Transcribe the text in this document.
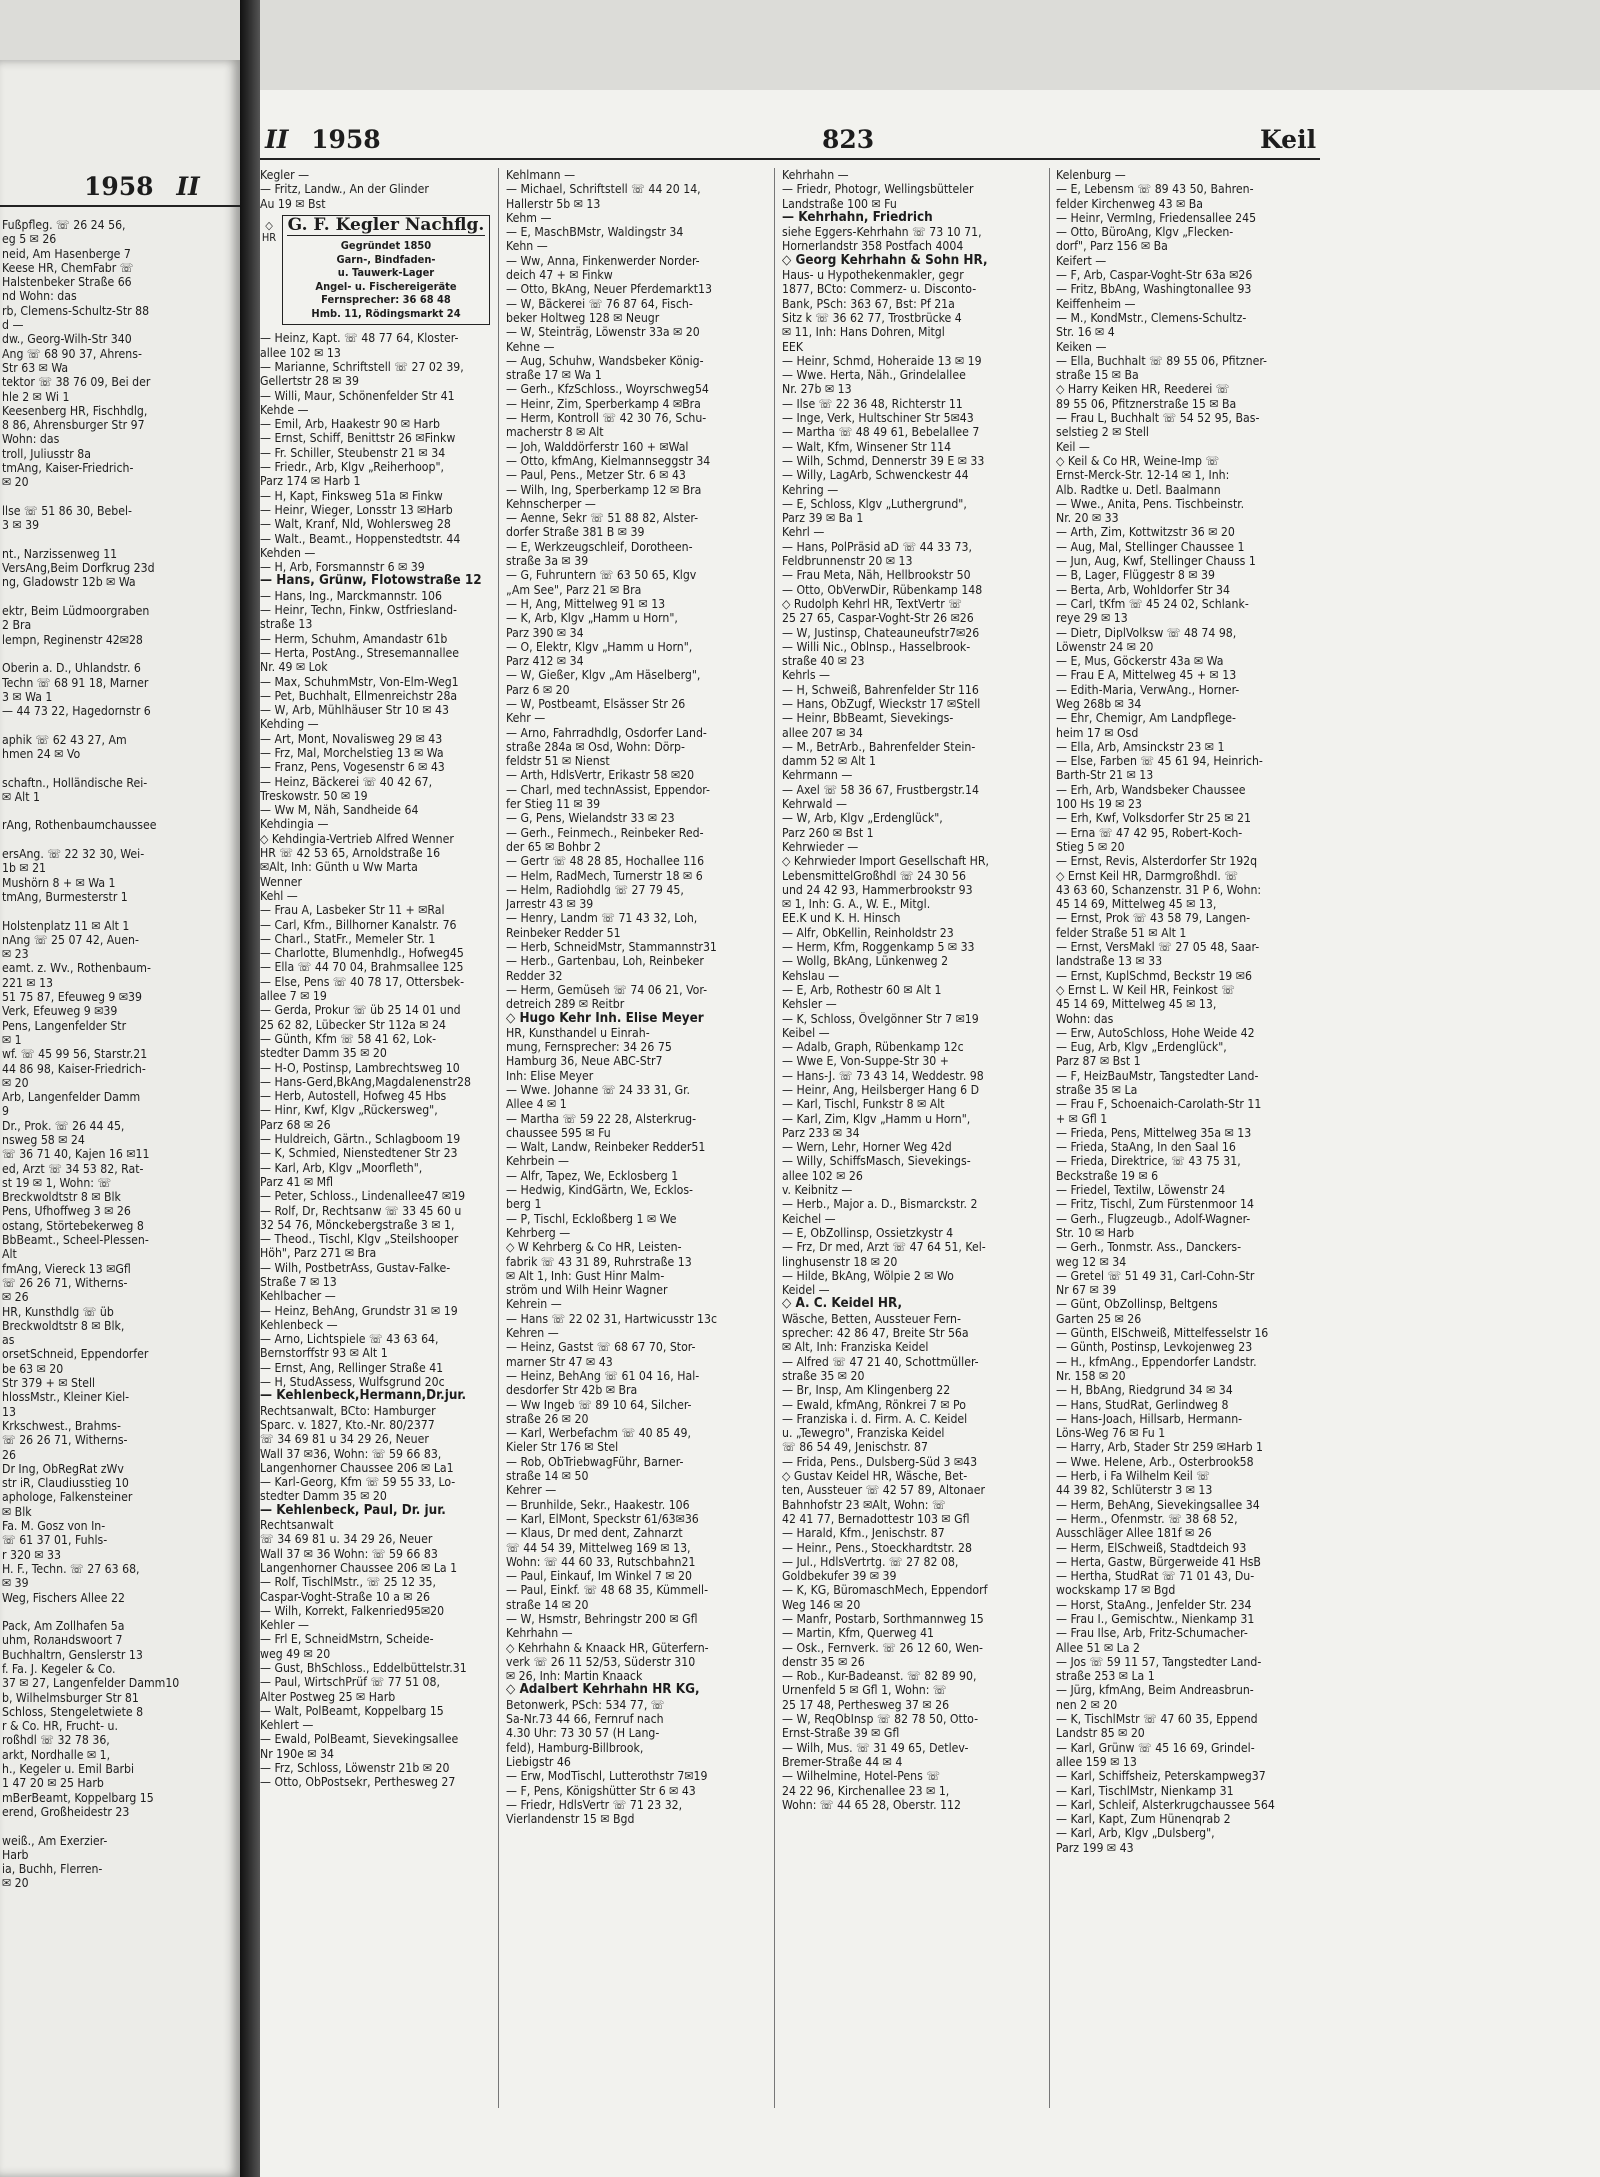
1958 II
Fußpfleg. ☏ 26 24 56,
eg 5 ✉ 26
neid, Am Hasenberge 7
Keese HR, ChemFabr ☏
Halstenbeker Straße 66
nd Wohn: das
rb, Clemens-Schultz-Str 88
d —
dw., Georg-Wilh-Str 340
Ang ☏ 68 90 37, Ahrens-
Str 63 ✉ Wa
tektor ☏ 38 76 09, Bei der
hle 2 ✉ Wi 1
Keesenberg HR, Fischhdlg,
8 86, Ahrensburger Str 97
Wohn: das
troll, Juliusstr 8a
tmAng, Kaiser-Friedrich-
✉ 20

llse ☏ 51 86 30, Bebel-
3 ✉ 39

nt., Narzissenweg 11
VersAng,Beim Dorfkrug 23d
ng, Gladowstr 12b ✉ Wa

ektr, Beim Lüdmoorgraben
2 Bra
lempn, Reginenstr 42✉28

Oberin a. D., Uhlandstr. 6
Techn ☏ 68 91 18, Marner
3 ✉ Wa 1
— 44 73 22, Hagedornstr 6

aphik ☏ 62 43 27, Am
hmen 24 ✉ Vo

schaftn., Holländische Rei-
✉ Alt 1

rAng, Rothenbaumchaussee

ersAng. ☏ 22 32 30, Wei-
1b ✉ 21
Mushörn 8 + ✉ Wa 1
tmAng, Burmesterstr 1

Holstenplatz 11 ✉ Alt 1
nAng ☏ 25 07 42, Auen-
✉ 23
eamt. z. Wv., Rothenbaum-
221 ✉ 13
51 75 87, Efeuweg 9 ✉39
Verk, Efeuweg 9 ✉39
Pens, Langenfelder Str
✉ 1
wf. ☏ 45 99 56, Starstr.21
44 86 98, Kaiser-Friedrich-
✉ 20
Arb, Langenfelder Damm
9
Dr., Prok. ☏ 26 44 45,
nsweg 58 ✉ 24
☏ 36 71 40, Kajen 16 ✉11
ed, Arzt ☏ 34 53 82, Rat-
st 19 ✉ 1, Wohn: ☏
Breckwoldtstr 8 ✉ Blk
Pens, Ufhoffweg 3 ✉ 26
ostang, Störtebekerweg 8
BbBeamt., Scheel-Plessen-
Alt
fmAng, Viereck 13 ✉Gfl
☏ 26 26 71, Witherns-
✉ 26
HR, Kunsthdlg ☏ üb
Breckwoldtstr 8 ✉ Blk,
as
orsetSchneid, Eppendorfer
be 63 ✉ 20
Str 379 + ✉ Stell
hlossMstr., Kleiner Kiel-
13
Krkschwest., Brahms-
☏ 26 26 71, Witherns-
26
Dr Ing, ObRegRat zWv
str iR, Claudiusstieg 10
aphologe, Falkensteiner
✉ Blk
Fa. M. Gosz von In-
☏ 61 37 01, Fuhls-
r 320 ✉ 33
H. F., Techn. ☏ 27 63 68,
✉ 39
Weg, Fischers Allee 22

Pack, Am Zollhafen 5a
uhm, Roланdswoort 7
Buchhaltrn, Genslerstr 13
f. Fa. J. Kegeler & Co.
37 ✉ 27, Langenfelder Damm10
b, Wilhelmsburger Str 81
Schloss, Stengeletwiete 8
r & Co. HR, Frucht- u.
roßhdl ☏ 32 78 36,
arkt, Nordhalle ✉ 1,
h., Kegeler u. Emil Barbi
1 47 20 ✉ 25 Harb
mBerBeamt, Koppelbarg 15
erend, Großheidestr 23

weiß., Am Exerzier-
Harb
ia, Buchh, Flerren-
✉ 20
II 1958	823	Keil
Kegler —
— Fritz, Landw., An der Glinder
Au 19 ✉ Bst
◇ HR
G. F. Kegler Nachflg.
Gegründet 1850
Garn-, Bindfaden-
u. Tauwerk-Lager
Angel- u. Fischereigeräte
Fernsprecher: 36 68 48
Hmb. 11, Rödingsmarkt 24
— Heinz, Kapt. ☏ 48 77 64, Kloster-
allee 102 ✉ 13
— Marianne, Schriftstell ☏ 27 02 39,
Gellertstr 28 ✉ 39
— Willi, Maur, Schönenfelder Str 41
Kehde —
— Emil, Arb, Haakestr 90 ✉ Harb
— Ernst, Schiff, Benittstr 26 ✉Finkw
— Fr. Schiller, Steubenstr 21 ✉ 34
— Friedr., Arb, Klgv „Reiherhoop",
Parz 174 ✉ Harb 1
— H, Kapt, Finksweg 51a ✉ Finkw
— Heinr, Wieger, Lonsstr 13 ✉Harb
— Walt, Kranf, Nld, Wohlersweg 28
— Walt., Beamt., Hoppenstedtstr. 44
Kehden —
— H, Arb, Forsmannstr 6 ✉ 39
— Hans, Grünw, Flotowstraße 12
— Hans, Ing., Marckmannstr. 106
— Heinr, Techn, Finkw, Ostfriesland-
straße 13
— Herm, Schuhm, Amandastr 61b
— Herta, PostAng., Stresemannallee
Nr. 49 ✉ Lok
— Max, SchuhmMstr, Von-Elm-Weg1
— Pet, Buchhalt, Ellmenreichstr 28a
— W, Arb, Mühlhäuser Str 10 ✉ 43
Kehding —
— Art, Mont, Novalisweg 29 ✉ 43
— Frz, Mal, Morchelstieg 13 ✉ Wa
— Franz, Pens, Vogesenstr 6 ✉ 43
— Heinz, Bäckerei ☏ 40 42 67,
Treskowstr. 50 ✉ 19
— Ww M, Näh, Sandheide 64
Kehdingia —
◇ Kehdingia-Vertrieb Alfred Wenner
HR ☏ 42 53 65, Arnoldstraße 16
✉Alt, Inh: Günth u Ww Marta
Wenner
Kehl —
— Frau A, Lasbeker Str 11 + ✉Ral
— Carl, Kfm., Billhorner Kanalstr. 76
— Charl., StatFr., Memeler Str. 1
— Charlotte, Blumenhdlg., Hofweg45
— Ella ☏ 44 70 04, Brahmsallee 125
— Else, Pens ☏ 40 78 17, Ottersbek-
allee 7 ✉ 19
— Gerda, Prokur ☏ üb 25 14 01 und
25 62 82, Lübecker Str 112a ✉ 24
— Günth, Kfm ☏ 58 41 62, Lok-
stedter Damm 35 ✉ 20
— H-O, Postinsp, Lambrechtsweg 10
— Hans-Gerd,BkAng,Magdalenenstr28
— Herb, Autostell, Hofweg 45 Hbs
— Hinr, Kwf, Klgv „Rückersweg",
Parz 68 ✉ 26
— Huldreich, Gärtn., Schlagboom 19
— K, Schmied, Nienstedtener Str 23
— Karl, Arb, Klgv „Moorfleth",
Parz 41 ✉ Mfl
— Peter, Schloss., Lindenallee47 ✉19
— Rolf, Dr, Rechtsanw ☏ 33 45 60 u
32 54 76, Mönckebergstraße 3 ✉ 1,
— Theod., Tischl, Klgv „Steilshooper
Höh", Parz 271 ✉ Bra
— Wilh, PostbetrAss, Gustav-Falke-
Straße 7 ✉ 13
Kehlbacher —
— Heinz, BehAng, Grundstr 31 ✉ 19
Kehlenbeck —
— Arno, Lichtspiele ☏ 43 63 64,
Bernstorffstr 93 ✉ Alt 1
— Ernst, Ang, Rellinger Straße 41
— H, StudAssess, Wulfsgrund 20c
— Kehlenbeck,Hermann,Dr.jur.
Rechtsanwalt, BCto: Hamburger
Sparc. v. 1827, Kto.-Nr. 80/2377
☏ 34 69 81 u 34 29 26, Neuer
Wall 37 ✉36, Wohn: ☏ 59 66 83,
Langenhorner Chaussee 206 ✉ La1
— Karl-Georg, Kfm ☏ 59 55 33, Lo-
stedter Damm 35 ✉ 20
— Kehlenbeck, Paul, Dr. jur.
Rechtsanwalt
☏ 34 69 81 u. 34 29 26, Neuer
Wall 37 ✉ 36 Wohn: ☏ 59 66 83
Langenhorner Chaussee 206 ✉ La 1
— Rolf, TischlMstr., ☏ 25 12 35,
Caspar-Voght-Straße 10 a ✉ 26
— Wilh, Korrekt, Falkenried95✉20
Kehler —
— Frl E, SchneidMstrn, Scheide-
weg 49 ✉ 20
— Gust, BhSchloss., Eddelbüttelstr.31
— Paul, WirtschPrüf ☏ 77 51 08,
Alter Postweg 25 ✉ Harb
— Walt, PolBeamt, Koppelbarg 15
Kehlert —
— Ewald, PolBeamt, Sievekingsallee
Nr 190e ✉ 34
— Frz, Schloss, Löwenstr 21b ✉ 20
— Otto, ObPostsekr, Perthesweg 27
Kehlmann —
— Michael, Schriftstell ☏ 44 20 14,
Hallerstr 5b ✉ 13
Kehm —
— E, MaschBMstr, Waldingstr 34
Kehn —
— Ww, Anna, Finkenwerder Norder-
deich 47 + ✉ Finkw
— Otto, BkAng, Neuer Pferdemarkt13
— W, Bäckerei ☏ 76 87 64, Fisch-
beker Holtweg 128 ✉ Neugr
— W, Steinträg, Löwenstr 33a ✉ 20
Kehne —
— Aug, Schuhw, Wandsbeker König-
straße 17 ✉ Wa 1
— Gerh., KfzSchloss., Woyrschweg54
— Heinr, Zim, Sperberkamp 4 ✉Bra
— Herm, Kontroll ☏ 42 30 76, Schu-
macherstr 8 ✉ Alt
— Joh, Walddörferstr 160 + ✉Wal
— Otto, kfmAng, Kielmannseggstr 34
— Paul, Pens., Metzer Str. 6 ✉ 43
— Wilh, Ing, Sperberkamp 12 ✉ Bra
Kehnscherper —
— Aenne, Sekr ☏ 51 88 82, Alster-
dorfer Straße 381 B ✉ 39
— E, Werkzeugschleif, Dorotheen-
straße 3a ✉ 39
— G, Fuhruntern ☏ 63 50 65, Klgv
„Am See", Parz 21 ✉ Bra
— H, Ang, Mittelweg 91 ✉ 13
— K, Arb, Klgv „Hamm u Horn",
Parz 390 ✉ 34
— O, Elektr, Klgv „Hamm u Horn",
Parz 412 ✉ 34
— W, Gießer, Klgv „Am Häselberg",
Parz 6 ✉ 20
— W, Postbeamt, Elsässer Str 26
Kehr —
— Arno, Fahrradhdlg, Osdorfer Land-
straße 284a ✉ Osd, Wohn: Dörp-
feldstr 51 ✉ Nienst
— Arth, HdlsVertr, Erikastr 58 ✉20
— Charl, med technAssist, Eppendor-
fer Stieg 11 ✉ 39
— G, Pens, Wielandstr 33 ✉ 23
— Gerh., Feinmech., Reinbeker Red-
der 65 ✉ Bohbr 2
— Gertr ☏ 48 28 85, Hochallee 116
— Helm, RadMech, Turnerstr 18 ✉ 6
— Helm, Radiohdlg ☏ 27 79 45,
Jarrestr 43 ✉ 39
— Henry, Landm ☏ 71 43 32, Loh,
Reinbeker Redder 51
— Herb, SchneidMstr, Stammannstr31
— Herb., Gartenbau, Loh, Reinbeker
Redder 32
— Herm, Gemüseh ☏ 74 06 21, Vor-
detreich 289 ✉ Reitbr
◇ Hugo Kehr Inh. Elise Meyer
HR, Kunsthandel u Einrah-
mung, Fernsprecher: 34 26 75
Hamburg 36, Neue ABC-Str7
Inh: Elise Meyer
— Wwe. Johanne ☏ 24 33 31, Gr.
Allee 4 ✉ 1
— Martha ☏ 59 22 28, Alsterkrug-
chaussee 595 ✉ Fu
— Walt, Landw, Reinbeker Redder51
Kehrbein —
— Alfr, Tapez, We, Ecklosberg 1
— Hedwig, KindGärtn, We, Ecklos-
berg 1
— P, Tischl, Eckloßberg 1 ✉ We
Kehrberg —
◇ W Kehrberg & Co HR, Leisten-
fabrik ☏ 43 31 89, Ruhrstraße 13
✉ Alt 1, Inh: Gust Hinr Malm-
ström und Wilh Heinr Wagner
Kehrein —
— Hans ☏ 22 02 31, Hartwicusstr 13c
Kehren —
— Heinz, Gastst ☏ 68 67 70, Stor-
marner Str 47 ✉ 43
— Heinz, BehAng ☏ 61 04 16, Hal-
desdorfer Str 42b ✉ Bra
— Ww Ingeb ☏ 89 10 64, Silcher-
straße 26 ✉ 20
— Karl, Werbefachm ☏ 40 85 49,
Kieler Str 176 ✉ Stel
— Rob, ObTriebwagFühr, Barner-
straße 14 ✉ 50
Kehrer —
— Brunhilde, Sekr., Haakestr. 106
— Karl, ElMont, Speckstr 61/63✉36
— Klaus, Dr med dent, Zahnarzt
☏ 44 54 39, Mittelweg 169 ✉ 13,
Wohn: ☏ 44 60 33, Rutschbahn21
— Paul, Einkauf, Im Winkel 7 ✉ 20
— Paul, Einkf. ☏ 48 68 35, Kümmell-
straße 14 ✉ 20
— W, Hsmstr, Behringstr 200 ✉ Gfl
Kehrhahn —
◇ Kehrhahn & Knaack HR, Güterfern-
verk ☏ 26 11 52/53, Süderstr 310
✉ 26, Inh: Martin Knaack
◇ Adalbert Kehrhahn HR KG,
Betonwerk, PSch: 534 77, ☏
Sa-Nr.73 44 66, Fernruf nach
4.30 Uhr: 73 30 57 (H Lang-
feld), Hamburg-Billbrook,
Liebigstr 46
— Erw, ModTischl, Lutterothstr 7✉19
— F, Pens, Königshütter Str 6 ✉ 43
— Friedr, HdlsVertr ☏ 71 23 32,
Vierlandenstr 15 ✉ Bgd
Kehrhahn —
— Friedr, Photogr, Wellingsbütteler
Landstraße 100 ✉ Fu
— Kehrhahn, Friedrich
siehe Eggers-Kehrhahn ☏ 73 10 71,
Hornerlandstr 358 Postfach 4004
◇ Georg Kehrhahn & Sohn HR,
Haus- u Hypothekenmakler, gegr
1877, BCto: Commerz- u. Disconto-
Bank, PSch: 363 67, Bst: Pf 21a
Sitz k ☏ 36 62 77, Trostbrücke 4
✉ 11, Inh: Hans Dohren, Mitgl
EEK
— Heinr, Schmd, Hoheraide 13 ✉ 19
— Wwe. Herta, Näh., Grindelallee
Nr. 27b ✉ 13
— Ilse ☏ 22 36 48, Richterstr 11
— Inge, Verk, Hultschiner Str 5✉43
— Martha ☏ 48 49 61, Bebelallee 7
— Walt, Kfm, Winsener Str 114
— Wilh, Schmd, Dennerstr 39 E ✉ 33
— Willy, LagArb, Schwenckestr 44
Kehring —
— E, Schloss, Klgv „Luthergrund",
Parz 39 ✉ Ba 1
Kehrl —
— Hans, PolPräsid aD ☏ 44 33 73,
Feldbrunnenstr 20 ✉ 13
— Frau Meta, Näh, Hellbrookstr 50
— Otto, ObVerwDir, Rübenkamp 148
◇ Rudolph Kehrl HR, TextVertr ☏
25 27 65, Caspar-Voght-Str 26 ✉26
— W, Justinsp, Chateauneufstr7✉26
— Willi Nic., Oblnsp., Hasselbrook-
straße 40 ✉ 23
Kehrls —
— H, Schweiß, Bahrenfelder Str 116
— Hans, ObZugf, Wieckstr 17 ✉Stell
— Heinr, BbBeamt, Sievekings-
allee 207 ✉ 34
— M., BetrArb., Bahrenfelder Stein-
damm 52 ✉ Alt 1
Kehrmann —
— Axel ☏ 58 36 67, Frustbergstr.14
Kehrwald —
— W, Arb, Klgv „Erdenglück",
Parz 260 ✉ Bst 1
Kehrwieder —
◇ Kehrwieder Import Gesellschaft HR,
LebensmittelGroßhdl ☏ 24 30 56
und 24 42 93, Hammerbrookstr 93
✉ 1, Inh: G. A., W. E., Mitgl.
EE.K und K. H. Hinsch
— Alfr, ObKellin, Reinholdstr 23
— Herm, Kfm, Roggenkamp 5 ✉ 33
— Wollg, BkAng, Lünkenweg 2
Kehslau —
— E, Arb, Rothestr 60 ✉ Alt 1
Kehsler —
— K, Schloss, Övelgönner Str 7 ✉19
Keibel —
— Adalb, Graph, Rübenkamp 12c
— Wwe E, Von-Suppe-Str 30 +
— Hans-J. ☏ 73 43 14, Weddestr. 98
— Heinr, Ang, Heilsberger Hang 6 D
— Karl, Tischl, Funkstr 8 ✉ Alt
— Karl, Zim, Klgv „Hamm u Horn",
Parz 233 ✉ 34
— Wern, Lehr, Horner Weg 42d
— Willy, SchiffsMasch, Sievekings-
allee 102 ✉ 26
v. Keibnitz —
— Herb., Major a. D., Bismarckstr. 2
Keichel —
— E, ObZollinsp, Ossietzkystr 4
— Frz, Dr med, Arzt ☏ 47 64 51, Kel-
linghusenstr 18 ✉ 20
— Hilde, BkAng, Wölpie 2 ✉ Wo
Keidel —
◇ A. C. Keidel HR,
Wäsche, Betten, Aussteuer Fern-
sprecher: 42 86 47, Breite Str 56a
✉ Alt, Inh: Franziska Keidel
— Alfred ☏ 47 21 40, Schottmüller-
straße 35 ✉ 20
— Br, Insp, Am Klingenberg 22
— Ewald, kfmAng, Rönkrei 7 ✉ Po
— Franziska i. d. Firm. A. C. Keidel
u. „Tewegro", Franziska Keidel
☏ 86 54 49, Jenischstr. 87
— Frida, Pens., Dulsberg-Süd 3 ✉43
◇ Gustav Keidel HR, Wäsche, Bet-
ten, Aussteuer ☏ 42 57 89, Altonaer
Bahnhofstr 23 ✉Alt, Wohn: ☏
42 41 77, Bernadottestr 103 ✉ Gfl
— Harald, Kfm., Jenischstr. 87
— Heinr., Pens., Stoeckhardtstr. 28
— Jul., HdlsVertrtg. ☏ 27 82 08,
Goldbekufer 39 ✉ 39
— K, KG, BüromaschMech, Eppendorf
Weg 146 ✉ 20
— Manfr, Postarb, Sorthmannweg 15
— Martin, Kfm, Querweg 41
— Osk., Fernverk. ☏ 26 12 60, Wen-
denstr 35 ✉ 26
— Rob., Kur-Badeanst. ☏ 82 89 90,
Urnenfeld 5 ✉ Gfl 1, Wohn: ☏
25 17 48, Perthesweg 37 ✉ 26
— W, ReqObInsp ☏ 82 78 50, Otto-
Ernst-Straße 39 ✉ Gfl
— Wilh, Mus. ☏ 31 49 65, Detlev-
Bremer-Straße 44 ✉ 4
— Wilhelmine, Hotel-Pens ☏
24 22 96, Kirchenallee 23 ✉ 1,
Wohn: ☏ 44 65 28, Oberstr. 112
Kelenburg —
— E, Lebensm ☏ 89 43 50, Bahren-
felder Kirchenweg 43 ✉ Ba
— Heinr, VermIng, Friedensallee 245
— Otto, BüroAng, Klgv „Flecken-
dorf", Parz 156 ✉ Ba
Keifert —
— F, Arb, Caspar-Voght-Str 63a ✉26
— Fritz, BbAng, Washingtonallee 93
Keiffenheim —
— M., KondMstr., Clemens-Schultz-
Str. 16 ✉ 4
Keiken —
— Ella, Buchhalt ☏ 89 55 06, Pfitzner-
straße 15 ✉ Ba
◇ Harry Keiken HR, Reederei ☏
89 55 06, Pfitznerstraße 15 ✉ Ba
— Frau L, Buchhalt ☏ 54 52 95, Bas-
selstieg 2 ✉ Stell
Keil —
◇ Keil & Co HR, Weine-Imp ☏
Ernst-Merck-Str. 12-14 ✉ 1, Inh:
Alb. Radtke u. Detl. Baalmann
— Wwe., Anita, Pens. Tischbeinstr.
Nr. 20 ✉ 33
— Arth, Zim, Kottwitzstr 36 ✉ 20
— Aug, Mal, Stellinger Chaussee 1
— Jun, Aug, Kwf, Stellinger Chauss 1
— B, Lager, Flüggestr 8 ✉ 39
— Berta, Arb, Wohldorfer Str 34
— Carl, tKfm ☏ 45 24 02, Schlank-
reye 29 ✉ 13
— Dietr, DiplVolksw ☏ 48 74 98,
Löwenstr 24 ✉ 20
— E, Mus, Göckerstr 43a ✉ Wa
— Frau E A, Mittelweg 45 + ✉ 13
— Edith-Maria, VerwAng., Horner-
Weg 268b ✉ 34
— Ehr, Chemigr, Am Landpflege-
heim 17 ✉ Osd
— Ella, Arb, Amsinckstr 23 ✉ 1
— Else, Farben ☏ 45 61 94, Heinrich-
Barth-Str 21 ✉ 13
— Erh, Arb, Wandsbeker Chaussee
100 Hs 19 ✉ 23
— Erh, Kwf, Volksdorfer Str 25 ✉ 21
— Erna ☏ 47 42 95, Robert-Koch-
Stieg 5 ✉ 20
— Ernst, Revis, Alsterdorfer Str 192q
◇ Ernst Keil HR, DarmgroßhdI. ☏
43 63 60, Schanzenstr. 31 P 6, Wohn:
45 14 69, Mittelweg 45 ✉ 13,
— Ernst, Prok ☏ 43 58 79, Langen-
felder Straße 51 ✉ Alt 1
— Ernst, VersMakl ☏ 27 05 48, Saar-
landstraße 13 ✉ 33
— Ernst, KuplSchmd, Beckstr 19 ✉6
◇ Ernst L. W Keil HR, Feinkost ☏
45 14 69, Mittelweg 45 ✉ 13,
Wohn: das
— Erw, AutoSchloss, Hohe Weide 42
— Eug, Arb, Klgv „Erdenglück",
Parz 87 ✉ Bst 1
— F, HeizBauMstr, Tangstedter Land-
straße 35 ✉ La
— Frau F, Schoenaich-Carolath-Str 11
+ ✉ Gfl 1
— Frieda, Pens, Mittelweg 35a ✉ 13
— Frieda, StaAng, In den Saal 16
— Frieda, Direktrice, ☏ 43 75 31,
Beckstraße 19 ✉ 6
— Friedel, Textilw, Löwenstr 24
— Fritz, Tischl, Zum Fürstenmoor 14
— Gerh., Flugzeugb., Adolf-Wagner-
Str. 10 ✉ Harb
— Gerh., Tonmstr. Ass., Danckers-
weg 12 ✉ 34
— Gretel ☏ 51 49 31, Carl-Cohn-Str
Nr 67 ✉ 39
— Günt, ObZollinsp, Beltgens
Garten 25 ✉ 26
— Günth, ElSchweiß, Mittelfesselstr 16
— Günth, Postinsp, Levkojenweg 23
— H., kfmAng., Eppendorfer Landstr.
Nr. 158 ✉ 20
— H, BbAng, Riedgrund 34 ✉ 34
— Hans, StudRat, Gerlindweg 8
— Hans-Joach, Hillsarb, Hermann-
Löns-Weg 76 ✉ Fu 1
— Harry, Arb, Stader Str 259 ✉Harb 1
— Wwe. Helene, Arb., Osterbrook58
— Herb, i Fa Wilhelm Keil ☏
44 39 82, Schlüterstr 3 ✉ 13
— Herm, BehAng, Sievekingsallee 34
— Herm., Ofenmstr. ☏ 38 68 52,
Ausschläger Allee 181f ✉ 26
— Herm, ElSchweiß, Stadtdeich 93
— Herta, Gastw, Bürgerweide 41 HsB
— Hertha, StudRat ☏ 71 01 43, Du-
wockskamp 17 ✉ Bgd
— Horst, StaAng., Jenfelder Str. 234
— Frau I., Gemischtw., Nienkamp 31
— Frau Ilse, Arb, Fritz-Schumacher-
Allee 51 ✉ La 2
— Jos ☏ 59 11 57, Tangstedter Land-
straße 253 ✉ La 1
— Jürg, kfmAng, Beim Andreasbrun-
nen 2 ✉ 20
— K, TischlMstr ☏ 47 60 35, Eppend
Landstr 85 ✉ 20
— Karl, Grünw ☏ 45 16 69, Grindel-
allee 159 ✉ 13
— Karl, Schiffsheiz, Peterskampweg37
— Karl, TischlMstr, Nienkamp 31
— Karl, Schleif, Alsterkrugchaussee 564
— Karl, Kapt, Zum Hünenqrab 2
— Karl, Arb, Klgv „Dulsberg",
Parz 199 ✉ 43
